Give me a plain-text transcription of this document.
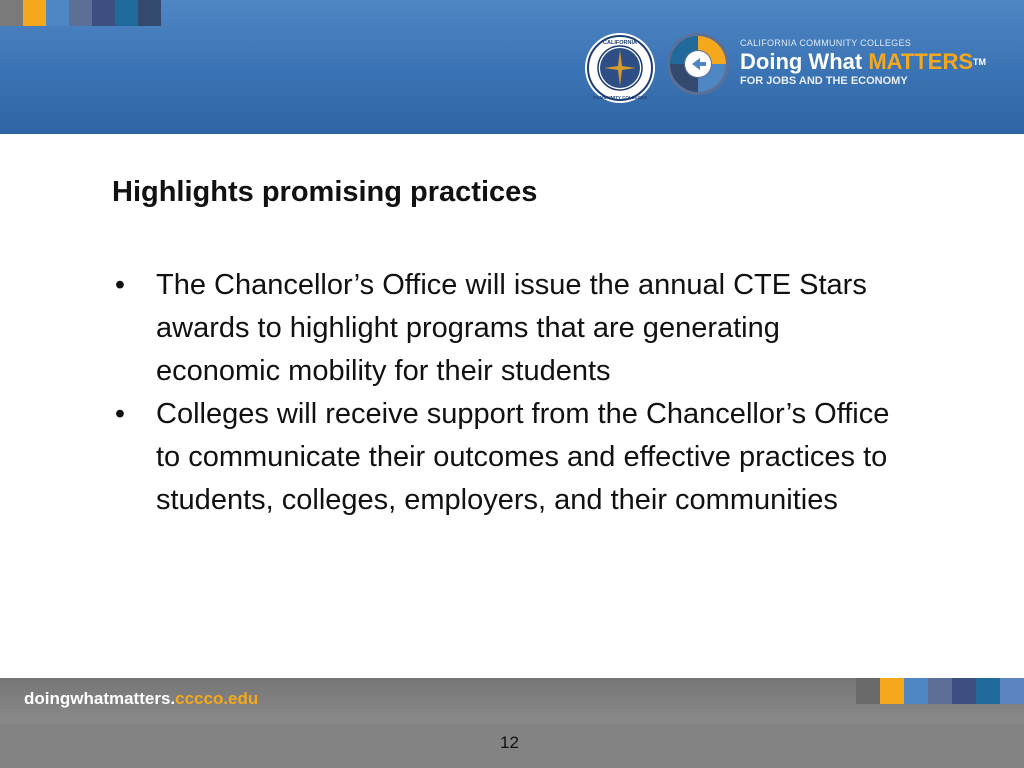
CALIFORNIA
COMMUNITY COLLEGES
CALIFORNIA COMMUNITY COLLEGES
Doing What MATTERS™
FOR JOBS AND THE ECONOMY
Highlights promising practices
• The Chancellor’s Office will issue the annual CTE Stars awards to highlight programs that are generating economic mobility for their students
• Colleges will receive support from the Chancellor’s Office to communicate their outcomes and effective practices to students, colleges, employers, and their communities
doingwhatmatters.cccco.edu
12
